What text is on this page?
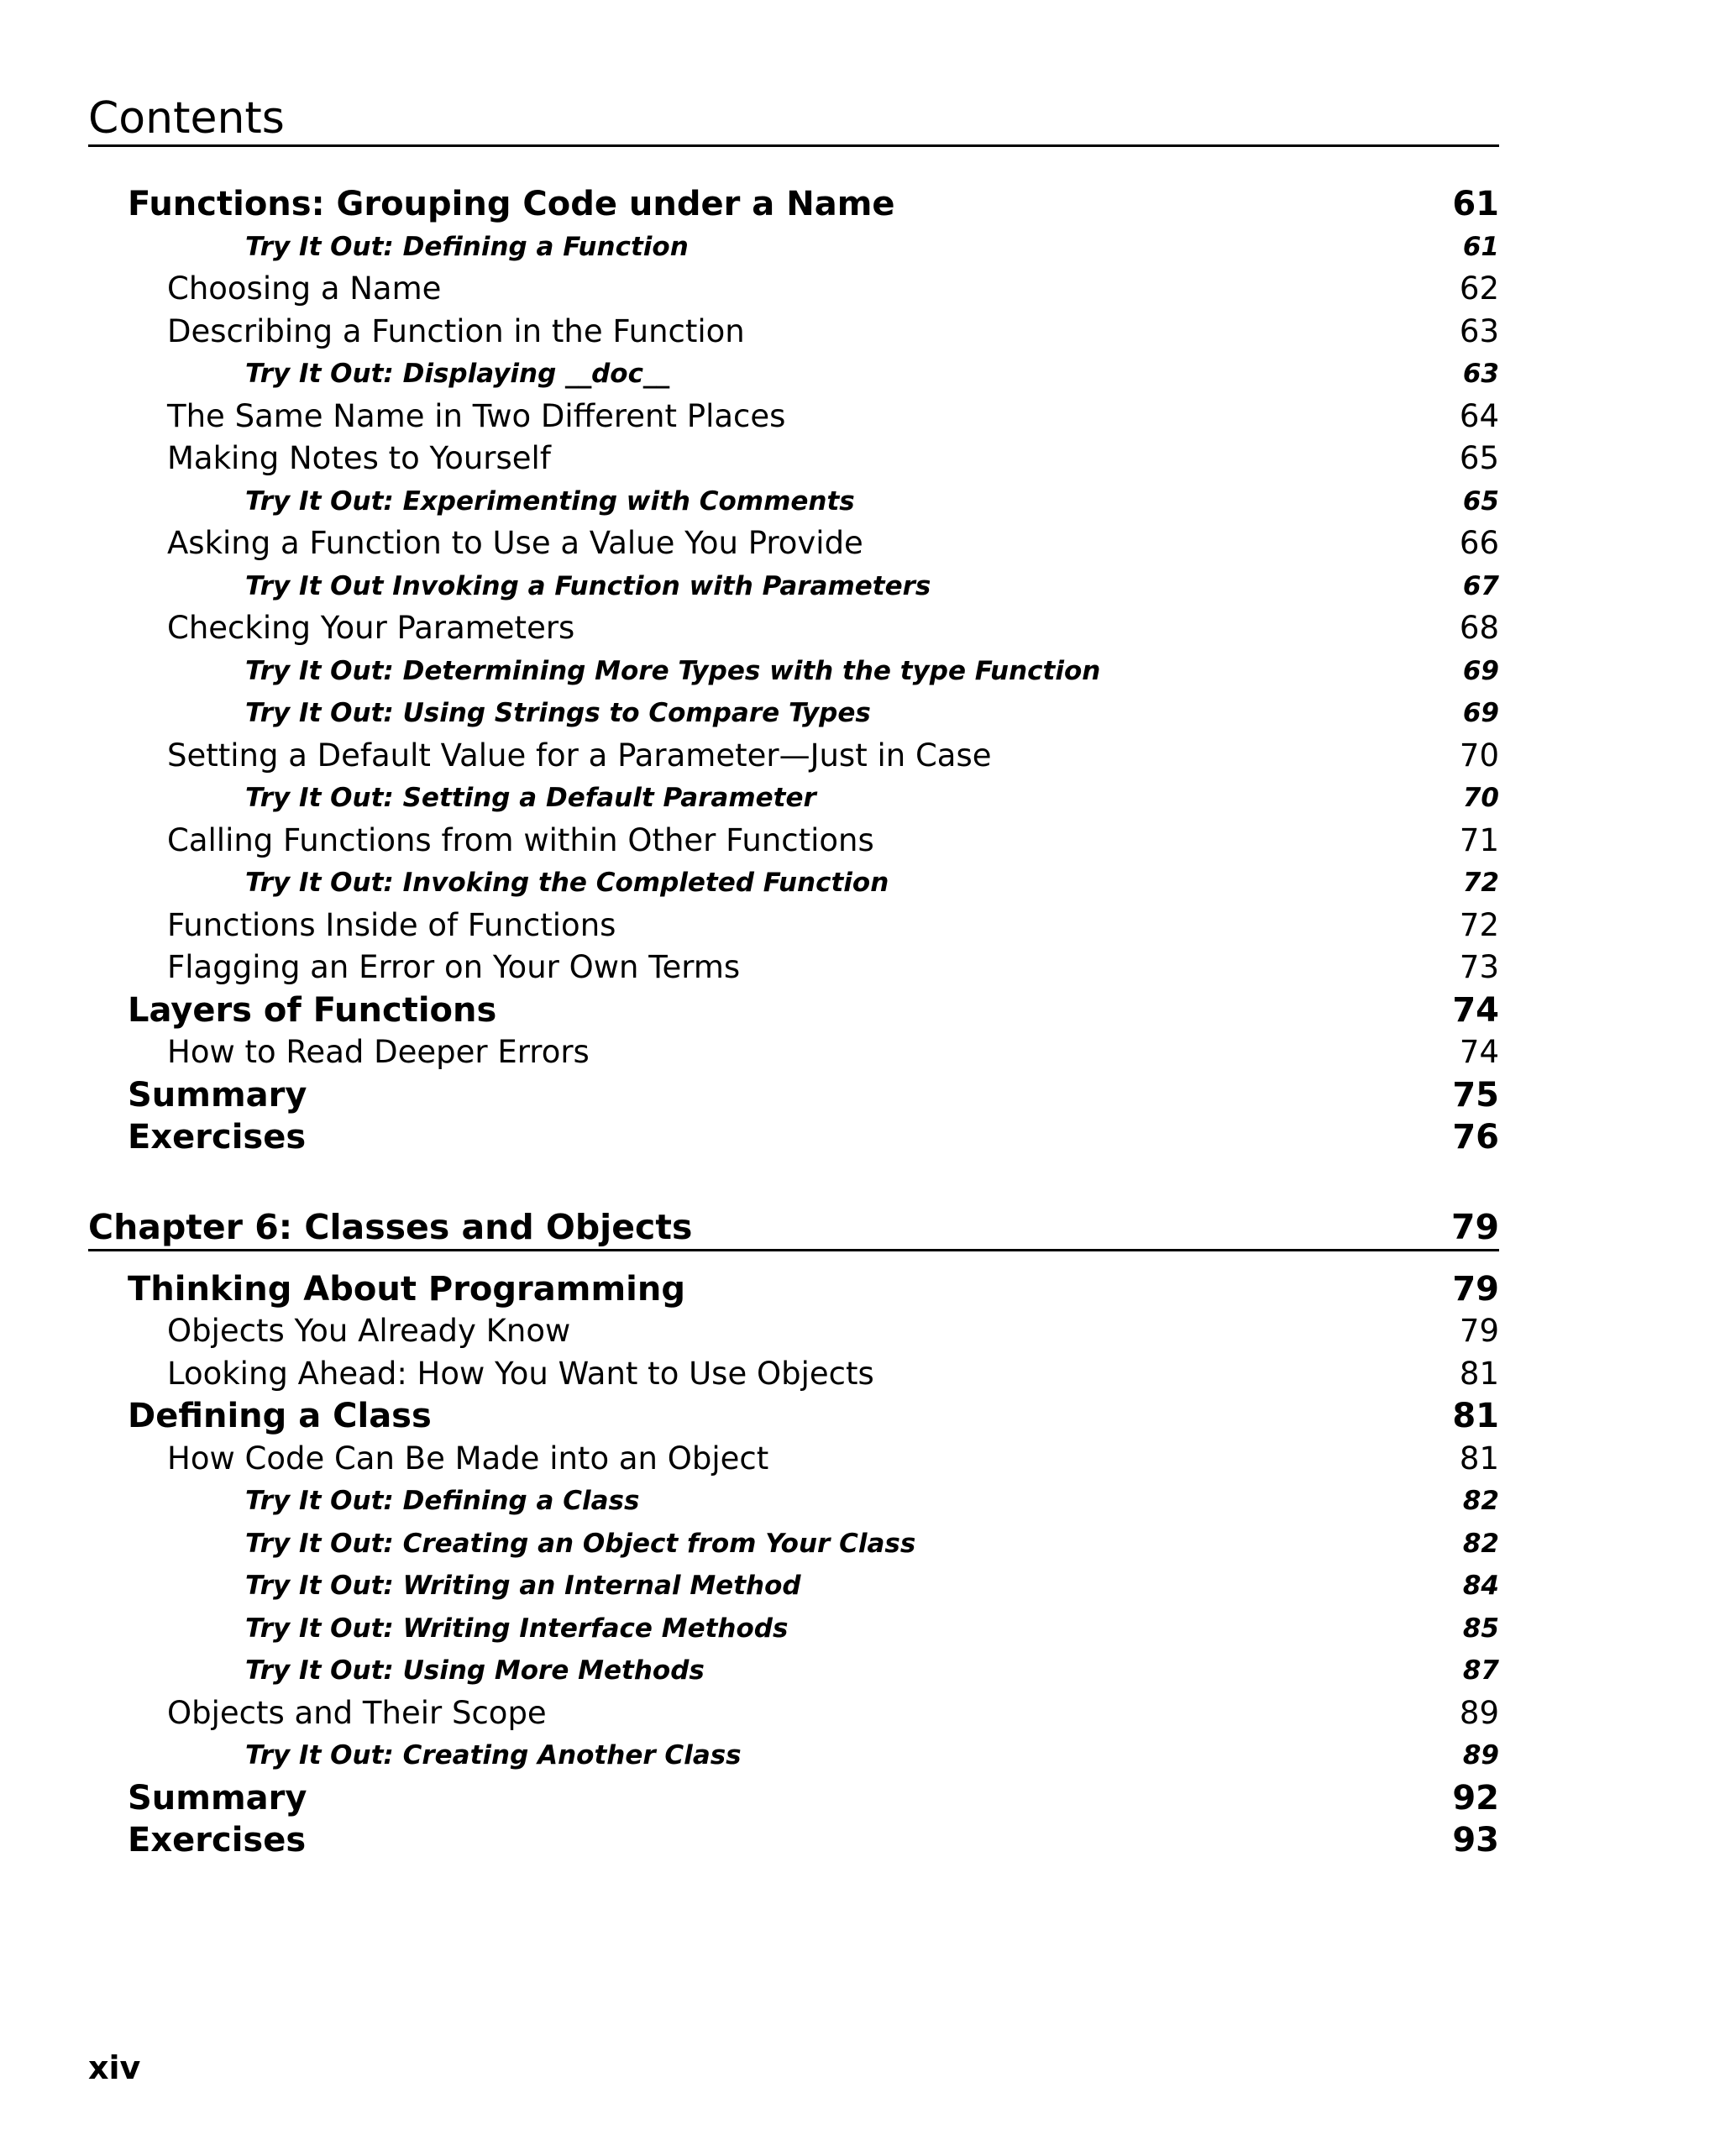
Contents
Functions: Grouping Code under a Name	61
Try It Out: Defining a Function	61
Choosing a Name	62
Describing a Function in the Function	63
Try It Out: Displaying __doc__	63
The Same Name in Two Different Places	64
Making Notes to Yourself	65
Try It Out: Experimenting with Comments	65
Asking a Function to Use a Value You Provide	66
Try It Out Invoking a Function with Parameters	67
Checking Your Parameters	68
Try It Out: Determining More Types with the type Function	69
Try It Out: Using Strings to Compare Types	69
Setting a Default Value for a Parameter—Just in Case	70
Try It Out: Setting a Default Parameter	70
Calling Functions from within Other Functions	71
Try It Out: Invoking the Completed Function	72
Functions Inside of Functions	72
Flagging an Error on Your Own Terms	73
Layers of Functions	74
How to Read Deeper Errors	74
Summary	75
Exercises	76
Chapter 6: Classes and Objects	79
Thinking About Programming	79
Objects You Already Know	79
Looking Ahead: How You Want to Use Objects	81
Defining a Class	81
How Code Can Be Made into an Object	81
Try It Out: Defining a Class	82
Try It Out: Creating an Object from Your Class	82
Try It Out: Writing an Internal Method	84
Try It Out: Writing Interface Methods	85
Try It Out: Using More Methods	87
Objects and Their Scope	89
Try It Out: Creating Another Class	89
Summary	92
Exercises	93
xiv
